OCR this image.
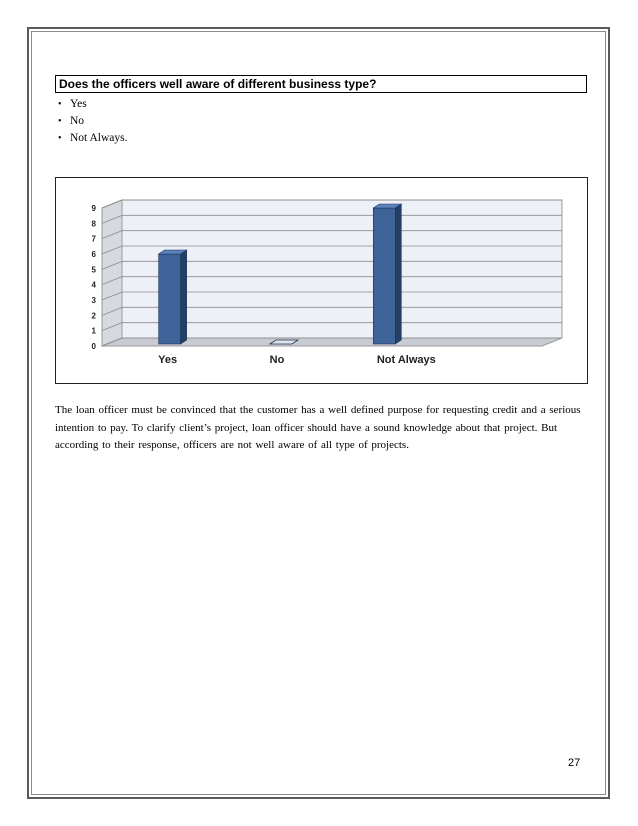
Does the officers well aware of different business type?
• Yes
• No
• Not Always.
0
1
2
3
4
5
6
7
8
9
Yes	No	Not Always
The loan officer must be convinced that the customer has a well defined purpose for requesting credit and a serious intention to pay. To clarify client’s project, loan officer should have a sound knowledge about that project. But according to their response, officers are not well aware of all type of projects.
27
